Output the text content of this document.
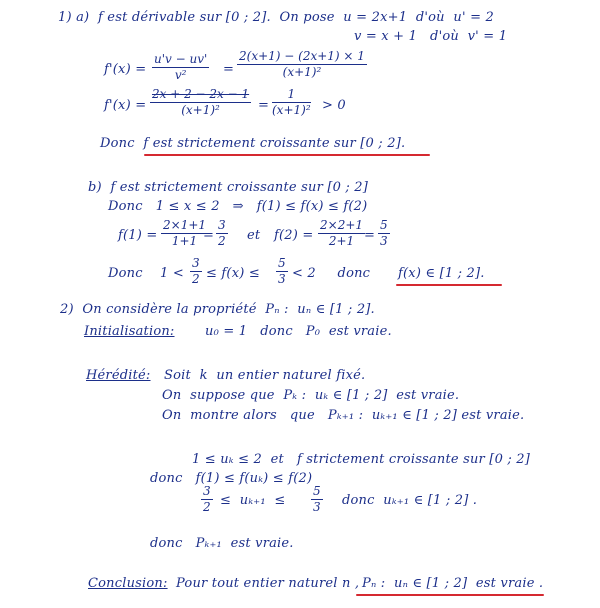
1) a)  f est dérivable sur [0 ; 2].  On pose  u = 2x+1  d'où  u' = 2
v = x + 1   d'où  v' = 1
$f'(x) = \frac{u'v - uv'}{\text{v²}} = \frac{2(x+1) - (2x+1) \times 1}{\text{(x+1)²}}$
$f'(x) = \frac{2x + 2 - 2x - 1}{\text{(x+1)²}} = \frac{1}{\text{(x+1)²}} > 0$
Donc  f est strictement croissante sur [0 ; 2].
b)  f est strictement croissante sur [0 ; 2]
Donc   1 ≤ x ≤ 2   ⇒   f(1) ≤ f(x) ≤ f(2)
$f(1) = \frac{2\times 1+1}{1+1}$
= $\frac{3}{2}$ et $f(2) = \frac{2\times 2+1}{2+1}$
= $\frac{5}{3}$
Donc    $1 < \frac{3}{2} \le f(x) \le \frac{5}{3} < 2$     donc f(x) ∈ [1 ; 2].
2)  On considère la propriété  Pₙ :  uₙ ∈ [1 ; 2].
Initialisation: u₀ = 1   donc   P₀  est vraie.
Hérédité: Soit  k  un entier naturel fixé.
On  suppose que  Pₖ :  uₖ ∈ [1 ; 2]  est vraie.
On  montre alors   que   Pₖ₊₁ :  uₖ₊₁ ∈ [1 ; 2] est vraie.
1 ≤ uₖ ≤ 2  et   f strictement croissante sur [0 ; 2]
donc   f(1) ≤ f(uₖ) ≤ f(2)
$\frac{3}{2} \le u_{k+1} \le \frac{5}{3}$ donc  uₖ₊₁ ∈ [1 ; 2] .
donc   Pₖ₊₁  est vraie.
Conclusion: Pour tout entier naturel n , Pₙ :  uₙ ∈ [1 ; 2]  est vraie .
